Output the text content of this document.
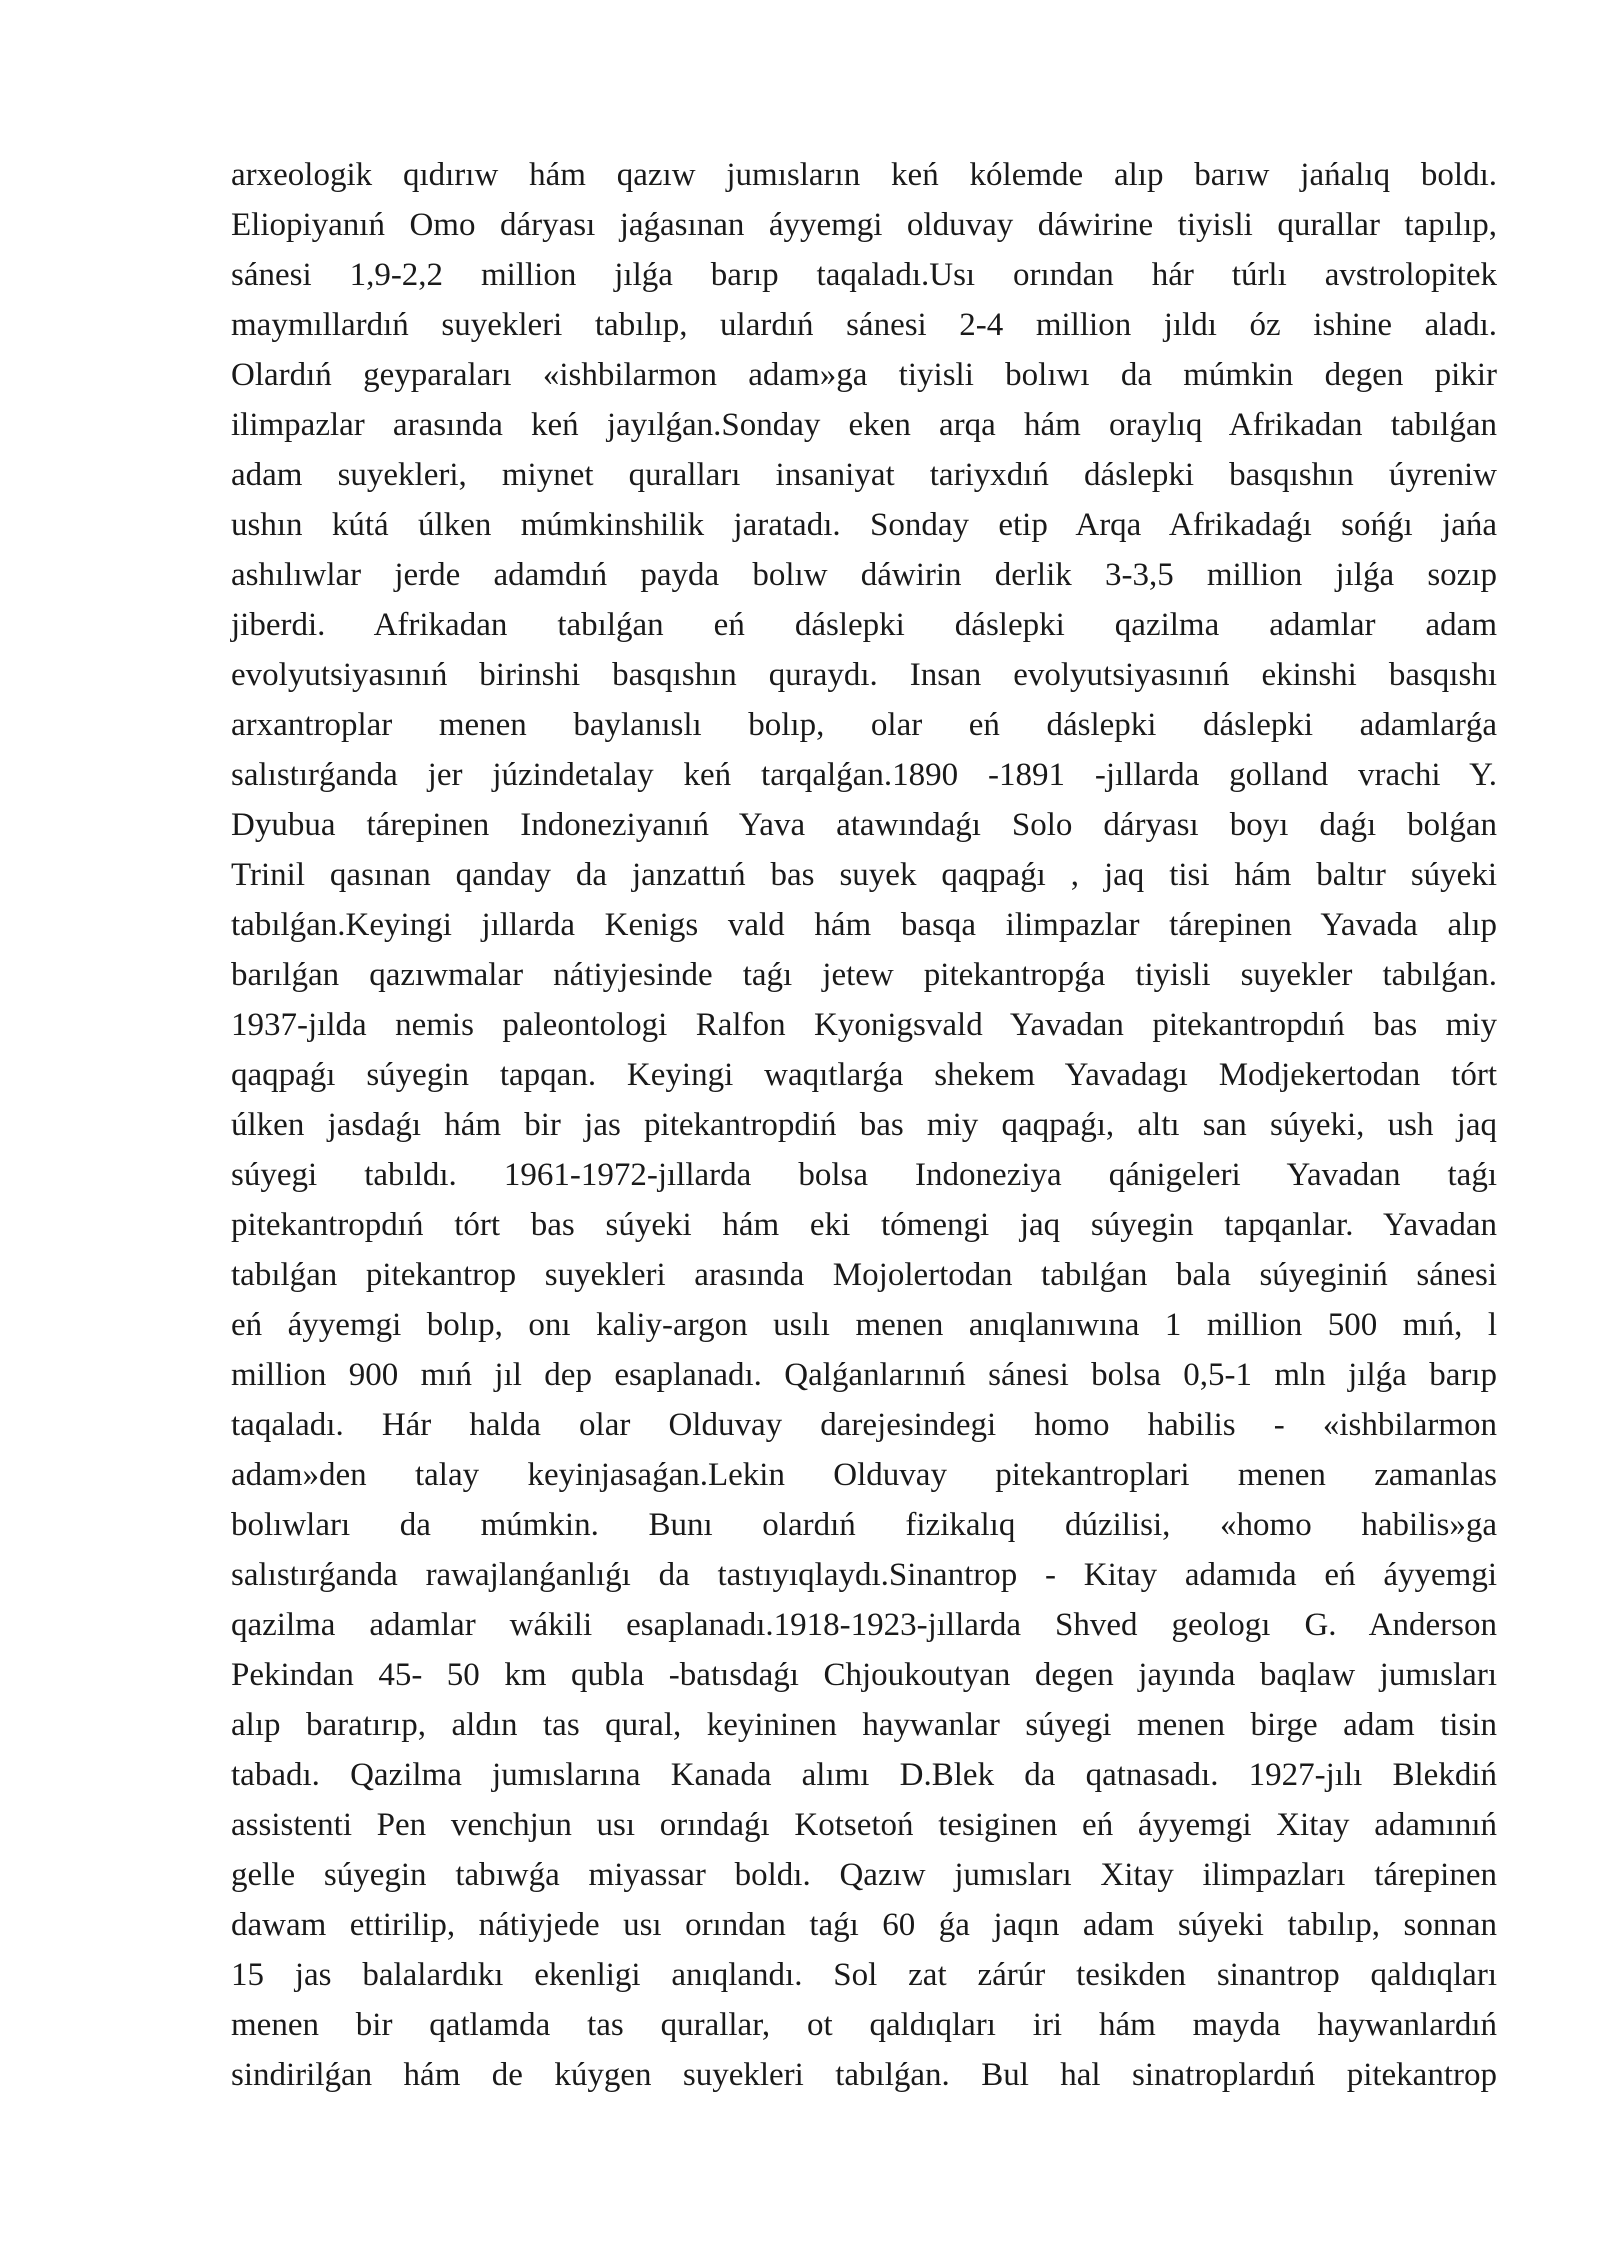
arxeologik qıdırıw hám qazıw jumısların keń kólemde alıp barıw jańalıq boldı.
Eliopiyanıń Omo dáryası jaǵasınan áyyemgi olduvay dáwirine tiyisli qurallar tapılıp,
sánesi 1,9-2,2 million jılǵa barıp taqaladı.Usı orından hár túrlı avstrolopitek
maymıllardıń suyekleri tabılıp, ulardıń sánesi 2-4 million jıldı óz ishine aladı.
Olardıń geyparaları «ishbilarmon adam»ga tiyisli bolıwı da múmkin degen pikir
ilimpazlar arasında keń jayılǵan.Sonday eken arqa hám oraylıq Afrikadan tabılǵan
adam suyekleri, miynet quralları insaniyat tariyxdıń dáslepki basqıshın úyreniw
ushın kútá úlken múmkinshilik jaratadı. Sonday etip Arqa Afrikadaǵı sońǵı jańa
ashılıwlar jerde adamdıń payda bolıw dáwirin derlik 3-3,5 million jılǵa sozıp
jiberdi. Afrikadan tabılǵan eń dáslepki dáslepki qazilma adamlar adam
evolyutsiyasınıń birinshi basqıshın quraydı. Insan evolyutsiyasınıń ekinshi basqıshı
arxantroplar menen baylanıslı bolıp, olar eń dáslepki dáslepki adamlarǵa
salıstırǵanda jer júzindetalay keń tarqalǵan.1890 -1891 -jıllarda golland vrachi Y.
Dyubua tárepinen Indoneziyanıń Yava atawındaǵı Solo dáryası boyı daǵı bolǵan
Trinil qasınan qanday da janzattıń bas suyek qaqpaǵı , jaq tisi hám baltır súyeki
tabılǵan.Keyingi jıllarda Kenigs vald hám basqa ilimpazlar tárepinen Yavada alıp
barılǵan qazıwmalar nátiyjesinde taǵı jetew pitekantropǵa tiyisli suyekler tabılǵan.
1937-jılda nemis paleontologi Ralfon Kyonigsvald Yavadan pitekantropdıń bas miy
qaqpaǵı súyegin tapqan. Keyingi waqıtlarǵa shekem Yavadagı Modjekertodan tórt
úlken jasdaǵı hám bir jas pitekantropdiń bas miy qaqpaǵı, altı san súyeki, ush jaq
súyegi tabıldı. 1961-1972-jıllarda bolsa Indoneziya qánigeleri Yavadan taǵı
pitekantropdıń tórt bas súyeki hám eki tómengi jaq súyegin tapqanlar. Yavadan
tabılǵan pitekantrop suyekleri arasında Mojolertodan tabılǵan bala súyeginiń sánesi
eń áyyemgi bolıp, onı kaliy-argon usılı menen anıqlanıwına 1 million 500 mıń, l
million 900 mıń jıl dep esaplanadı. Qalǵanlarınıń sánesi bolsa 0,5-1 mln jılǵa barıp
taqaladı. Hár halda olar Olduvay darejesindegi homo habilis - «ishbilarmon
adam»den talay keyinjasaǵan.Lekin Olduvay pitekantroplari menen zamanlas
bolıwları da múmkin. Bunı olardıń fizikalıq dúzilisi, «homo habilis»ga
salıstırǵanda rawajlanǵanlıǵı da tastıyıqlaydı.Sinantrop - Kitay adamıda eń áyyemgi
qazilma adamlar wákili esaplanadı.1918-1923-jıllarda Shved geologı G. Anderson
Pekindan 45- 50 km qubla -batısdaǵı Chjoukoutyan degen jayında baqlaw jumısları
alıp baratırıp, aldın tas qural, keyininen haywanlar súyegi menen birge adam tisin
tabadı. Qazilma jumıslarına Kanada alımı D.Blek da qatnasadı. 1927-jılı Blekdiń
assistenti Pen venchjun usı orındaǵı Kotsetoń tesiginen eń áyyemgi Xitay adamınıń
gelle súyegin tabıwǵa miyassar boldı. Qazıw jumısları Xitay ilimpazları tárepinen
dawam ettirilip, nátiyjede usı orından taǵı 60 ǵa jaqın adam súyeki tabılıp, sonnan
15 jas balalardıkı ekenligi anıqlandı. Sol zat zárúr tesikden sinantrop qaldıqları
menen bir qatlamda tas qurallar, ot qaldıqları iri hám mayda haywanlardıń
sindirilǵan hám de kúygen suyekleri tabılǵan. Bul hal sinatroplardıń pitekantrop
